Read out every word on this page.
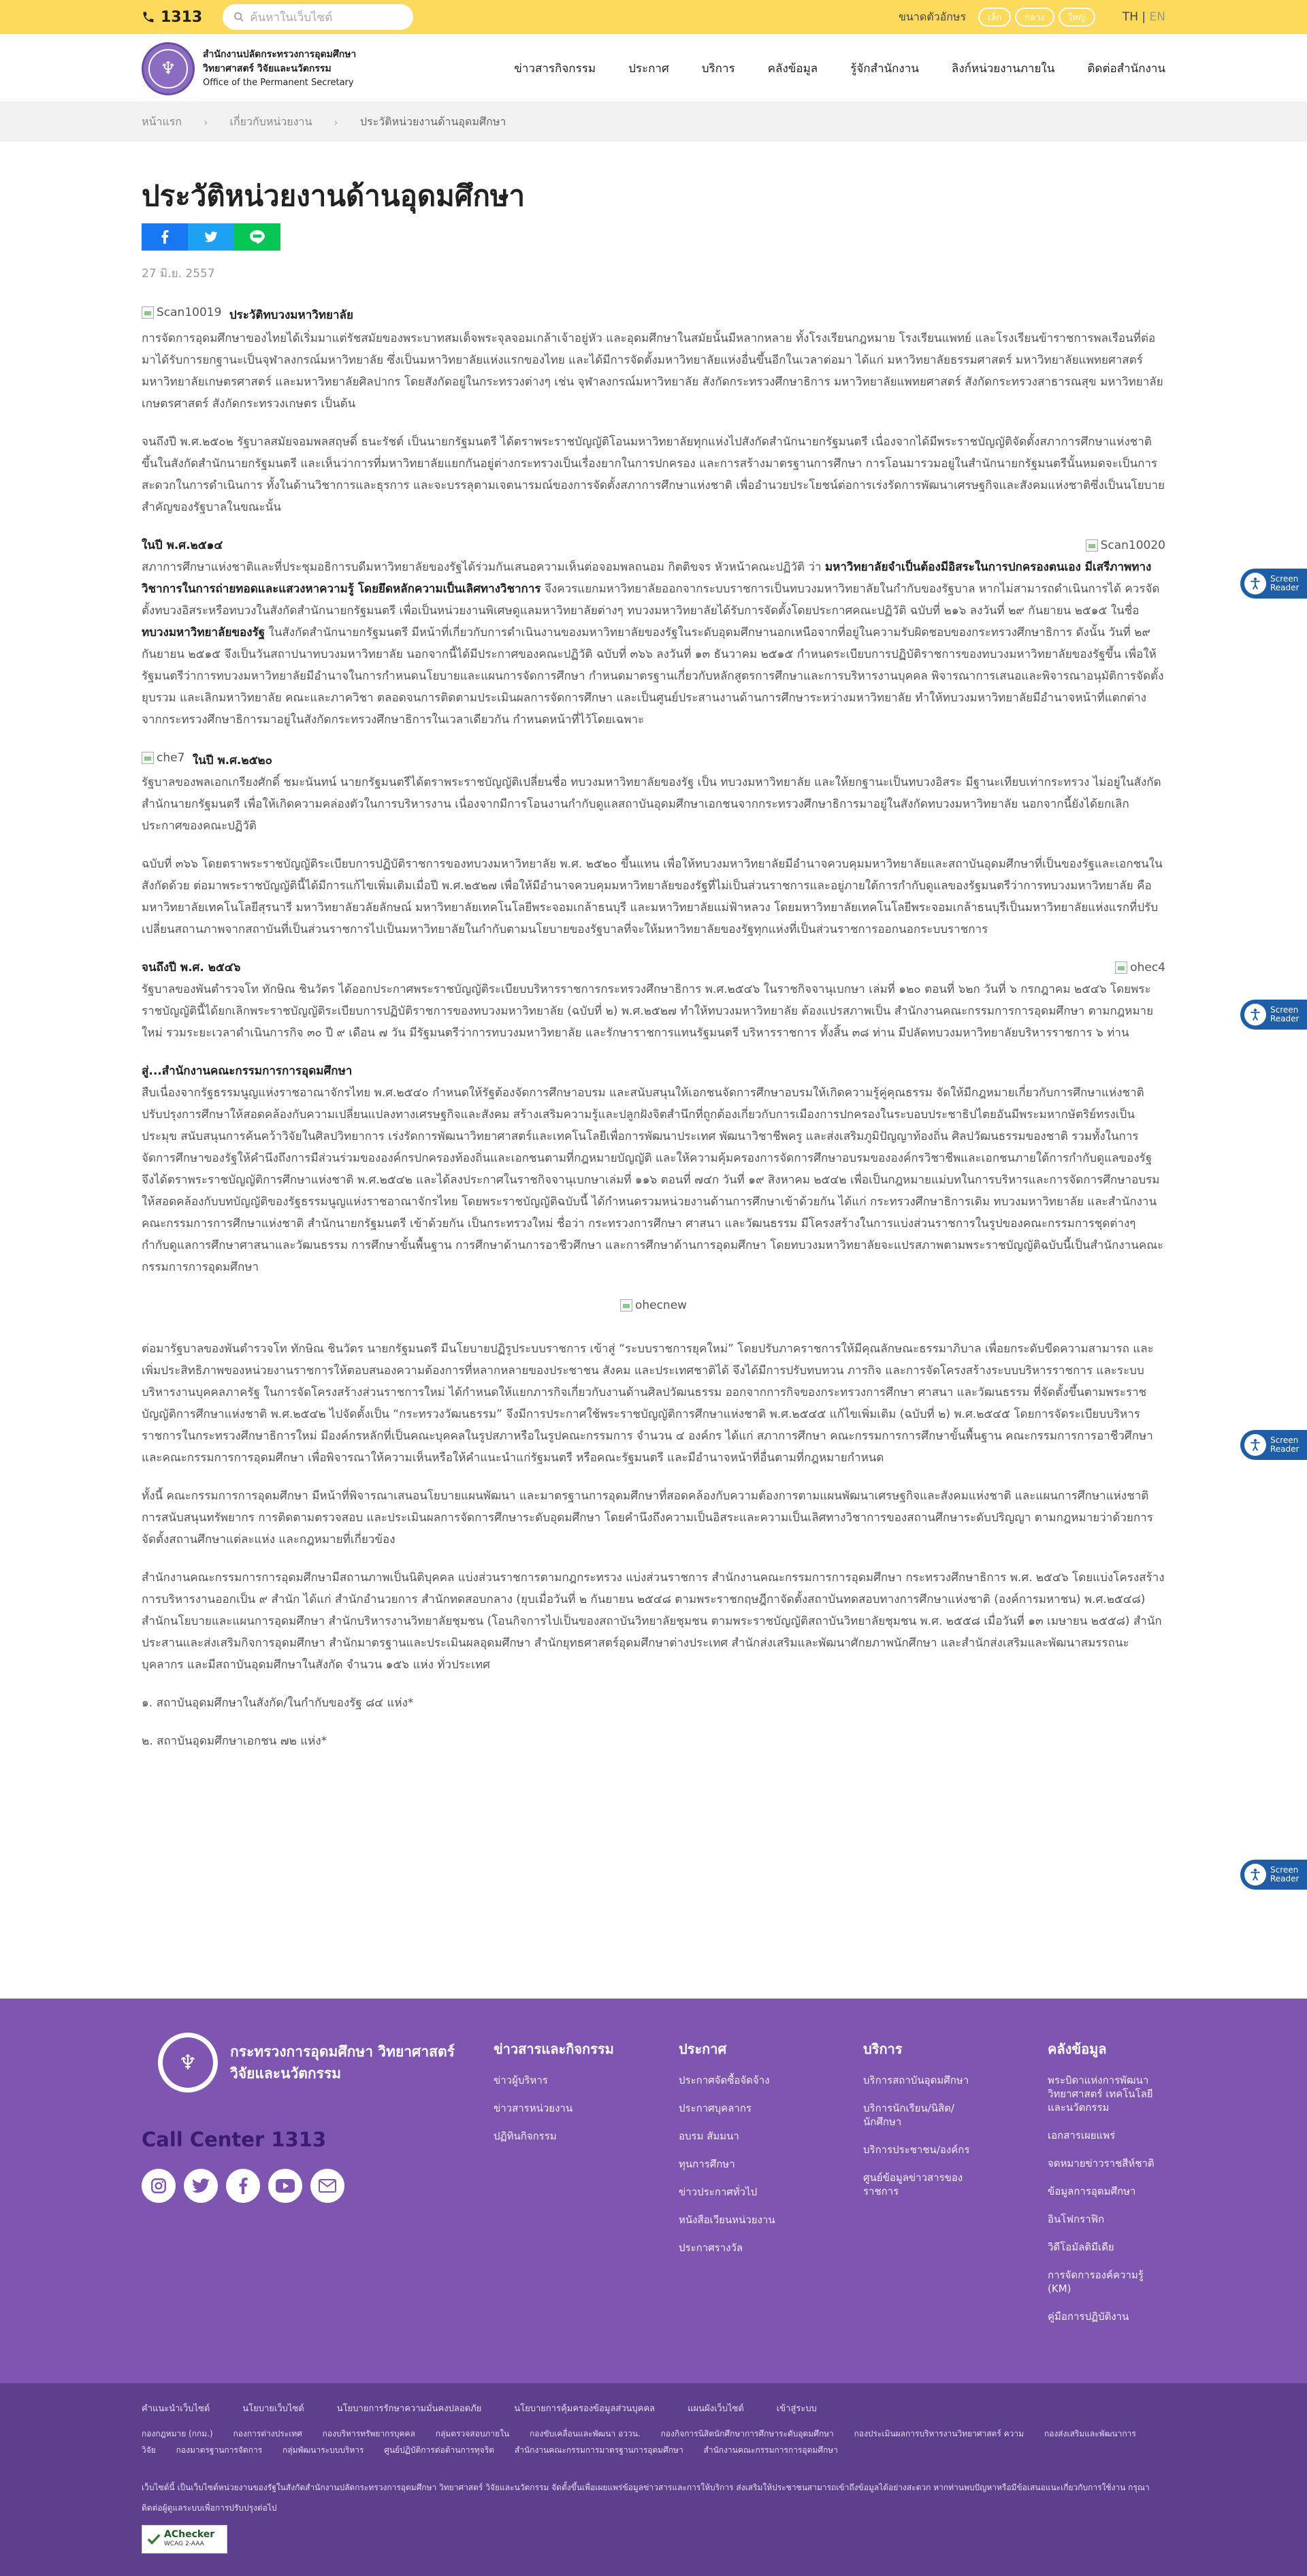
1313	ค้นหาในเว็บไซต์	ขนาดตัวอักษร	เล็ก	กลาง	ใหญ่	TH | EN
♆
สำนักงานปลัดกระทรวงการอุดมศึกษา
วิทยาศาสตร์ วิจัยและนวัตกรรม
Office of the Permanent Secretary
ข่าวสารกิจกรรม	ประกาศ	บริการ	คลังข้อมูล	รู้จักสำนักงาน	ลิงก์หน่วยงานภายใน	ติดต่อสำนักงาน
หน้าแรก › เกี่ยวกับหน่วยงาน › ประวัติหน่วยงานด้านอุดมศึกษา
ประวัติหน่วยงานด้านอุดมศึกษา
27 มิ.ย. 2557
Scan10019 ประวัติทบวงมหาวิทยาลัย

การจัดการอุดมศึกษาของไทยได้เริ่มมาแต่รัชสมัยของพระบาทสมเด็จพระจุลจอมเกล้าเจ้าอยู่หัว และอุดมศึกษาในสมัยนั้นมีหลากหลาย ทั้งโรงเรียนกฎหมาย โรงเรียนแพทย์ และโรงเรียนข้าราชการพลเรือนที่ต่อมาได้รับการยกฐานะเป็นจุฬาลงกรณ์มหาวิทยาลัย ซึ่งเป็นมหาวิทยาลัยแห่งแรกของไทย และได้มีการจัดตั้งมหาวิทยาลัยแห่งอื่นขึ้นอีกในเวลาต่อมา ได้แก่ มหาวิทยาลัยธรรมศาสตร์ มหาวิทยาลัยแพทยศาสตร์ มหาวิทยาลัยเกษตรศาสตร์ และมหาวิทยาลัยศิลปากร โดยสังกัดอยู่ในกระทรวงต่างๆ เช่น จุฬาลงกรณ์มหาวิทยาลัย สังกัดกระทรวงศึกษาธิการ มหาวิทยาลัยแพทยศาสตร์ สังกัดกระทรวงสาธารณสุข มหาวิทยาลัยเกษตรศาสตร์ สังกัดกระทรวงเกษตร เป็นต้น

จนถึงปี พ.ศ.๒๕๐๒ รัฐบาลสมัยจอมพลสฤษดิ์ ธนะรัชต์ เป็นนายกรัฐมนตรี ได้ตราพระราชบัญญัติโอนมหาวิทยาลัยทุกแห่งไปสังกัดสำนักนายกรัฐมนตรี เนื่องจากได้มีพระราชบัญญัติจัดตั้งสภาการศึกษาแห่งชาติขึ้นในสังกัดสำนักนายกรัฐมนตรี และเห็นว่าการที่มหาวิทยาลัยแยกกันอยู่ต่างกระทรวงเป็นเรื่องยากในการปกครอง และการสร้างมาตรฐานการศึกษา การโอนมารวมอยู่ในสำนักนายกรัฐมนตรีนั้นหมดจะเป็นการสะดวกในการดำเนินการ ทั้งในด้านวิชาการและธุรการ และจะบรรลุตามเจตนารมณ์ของการจัดตั้งสภาการศึกษาแห่งชาติ เพื่ออำนวยประโยชน์ต่อการเร่งรัดการพัฒนาเศรษฐกิจและสังคมแห่งชาติซึ่งเป็นนโยบายสำคัญของรัฐบาลในขณะนั้น

Scan10020
ในปี พ.ศ.๒๕๑๔

สภาการศึกษาแห่งชาติและที่ประชุมอธิการบดีมหาวิทยาลัยของรัฐได้ร่วมกันเสนอความเห็นต่อจอมพลถนอม กิตติขจร หัวหน้าคณะปฏิวัติ ว่า มหาวิทยาลัยจำเป็นต้องมีอิสระในการปกครองตนเอง มีเสรีภาพทางวิชาการในการถ่ายทอดและแสวงหาความรู้ โดยยึดหลักความเป็นเลิศทางวิชาการ จึงควรแยกมหาวิทยาลัยออกจากระบบราชการเป็นทบวงมหาวิทยาลัยในกำกับของรัฐบาล หากไม่สามารถดำเนินการได้ ควรจัดตั้งทบวงอิสระหรือทบวงในสังกัดสำนักนายกรัฐมนตรี เพื่อเป็นหน่วยงานพิเศษดูแลมหาวิทยาลัยต่างๆ ทบวงมหาวิทยาลัยได้รับการจัดตั้งโดยประกาศคณะปฏิวัติ ฉบับที่ ๒๑๖ ลงวันที่ ๒๙ กันยายน ๒๕๑๕ ในชื่อ ทบวงมหาวิทยาลัยของรัฐ ในสังกัดสำนักนายกรัฐมนตรี มีหน้าที่เกี่ยวกับการดำเนินงานของมหาวิทยาลัยของรัฐในระดับอุดมศึกษานอกเหนือจากที่อยู่ในความรับผิดชอบของกระทรวงศึกษาธิการ ดังนั้น วันที่ ๒๙ กันยายน ๒๕๑๕ จึงเป็นวันสถาปนาทบวงมหาวิทยาลัย นอกจากนี้ได้มีประกาศของคณะปฏิวัติ ฉบับที่ ๓๖๖ ลงวันที่ ๑๓ ธันวาคม ๒๕๑๕ กำหนดระเบียบการปฏิบัติราชการของทบวงมหาวิทยาลัยของรัฐขึ้น เพื่อให้รัฐมนตรีว่าการทบวงมหาวิทยาลัยมีอำนาจในการกำหนดนโยบายและแผนการจัดการศึกษา กำหนดมาตรฐานเกี่ยวกับหลักสูตรการศึกษาและการบริหารงานบุคคล พิจารณาการเสนอและพิจารณาอนุมัติการจัดตั้ง ยุบรวม และเลิกมหาวิทยาลัย คณะและภาควิชา ตลอดจนการติดตามประเมินผลการจัดการศึกษา และเป็นศูนย์ประสานงานด้านการศึกษาระหว่างมหาวิทยาลัย ทำให้ทบวงมหาวิทยาลัยมีอำนาจหน้าที่แตกต่างจากกระทรวงศึกษาธิการมาอยู่ในสังกัดกระทรวงศึกษาธิการในเวลาเดียวกัน กำหนดหน้าที่ไว้โดยเฉพาะ

che7 ในปี พ.ศ.๒๕๒๐

รัฐบาลของพลเอกเกรียงศักดิ์ ชมะนันทน์ นายกรัฐมนตรีได้ตราพระราชบัญญัติเปลี่ยนชื่อ ทบวงมหาวิทยาลัยของรัฐ เป็น ทบวงมหาวิทยาลัย และให้ยกฐานะเป็นทบวงอิสระ มีฐานะเทียบเท่ากระทรวง ไม่อยู่ในสังกัดสำนักนายกรัฐมนตรี เพื่อให้เกิดความคล่องตัวในการบริหารงาน เนื่องจากมีการโอนงานกำกับดูแลสถาบันอุดมศึกษาเอกชนจากกระทรวงศึกษาธิการมาอยู่ในสังกัดทบวงมหาวิทยาลัย นอกจากนี้ยังได้ยกเลิกประกาศของคณะปฏิวัติ

ฉบับที่ ๓๖๖ โดยตราพระราชบัญญัติระเบียบการปฏิบัติราชการของทบวงมหาวิทยาลัย พ.ศ. ๒๕๒๐ ขึ้นแทน เพื่อให้ทบวงมหาวิทยาลัยมีอำนาจควบคุมมหาวิทยาลัยและสถาบันอุดมศึกษาที่เป็นของรัฐและเอกชนในสังกัดด้วย ต่อมาพระราชบัญญัตินี้ได้มีการแก้ไขเพิ่มเติมเมื่อปี พ.ศ.๒๕๒๗ เพื่อให้มีอำนาจควบคุมมหาวิทยาลัยของรัฐที่ไม่เป็นส่วนราชการและอยู่ภายใต้การกำกับดูแลของรัฐมนตรีว่าการทบวงมหาวิทยาลัย คือ มหาวิทยาลัยเทคโนโลยีสุรนารี มหาวิทยาลัยวลัยลักษณ์ มหาวิทยาลัยเทคโนโลยีพระจอมเกล้าธนบุรี และมหาวิทยาลัยแม่ฟ้าหลวง โดยมหาวิทยาลัยเทคโนโลยีพระจอมเกล้าธนบุรีเป็นมหาวิทยาลัยแห่งแรกที่ปรับเปลี่ยนสถานภาพจากสถาบันที่เป็นส่วนราชการไปเป็นมหาวิทยาลัยในกำกับตามนโยบายของรัฐบาลที่จะให้มหาวิทยาลัยของรัฐทุกแห่งที่เป็นส่วนราชการออกนอกระบบราชการ

ohec4
จนถึงปี พ.ศ. ๒๕๔๖

รัฐบาลของพันตำรวจโท ทักษิณ ชินวัตร ได้ออกประกาศพระราชบัญญัติระเบียบบริหารราชการกระทรวงศึกษาธิการ พ.ศ.๒๕๔๖ ในราชกิจจานุเบกษา เล่มที่ ๑๒๐ ตอนที่ ๖๒ก วันที่ ๖ กรกฎาคม ๒๕๔๖ โดยพระราชบัญญัตินี้ได้ยกเลิกพระราชบัญญัติระเบียบการปฏิบัติราชการของทบวงมหาวิทยาลัย (ฉบับที่ ๒) พ.ศ.๒๕๒๗ ทำให้ทบวงมหาวิทยาลัย ต้องแปรสภาพเป็น สำนักงานคณะกรรมการการอุดมศึกษา ตามกฎหมายใหม่ รวมระยะเวลาดำเนินการกิจ ๓๐ ปี ๙ เดือน ๗ วัน มีรัฐมนตรีว่าการทบวงมหาวิทยาลัย และรักษาราชการแทนรัฐมนตรี บริหารราชการ ทั้งสิ้น ๓๘ ท่าน มีปลัดทบวงมหาวิทยาลัยบริหารราชการ ๖ ท่าน

สู่...สำนักงานคณะกรรมการการอุดมศึกษา

สืบเนื่องจากรัฐธรรมนูญแห่งราชอาณาจักรไทย พ.ศ.๒๕๔๐ กำหนดให้รัฐต้องจัดการศึกษาอบรม และสนับสนุนให้เอกชนจัดการศึกษาอบรมให้เกิดความรู้คู่คุณธรรม จัดให้มีกฎหมายเกี่ยวกับการศึกษาแห่งชาติ ปรับปรุงการศึกษาให้สอดคล้องกับความเปลี่ยนแปลงทางเศรษฐกิจและสังคม สร้างเสริมความรู้และปลูกฝังจิตสำนึกที่ถูกต้องเกี่ยวกับการเมืองการปกครองในระบอบประชาธิปไตยอันมีพระมหากษัตริย์ทรงเป็นประมุข สนับสนุนการค้นคว้าวิจัยในศิลปวิทยาการ เร่งรัดการพัฒนาวิทยาศาสตร์และเทคโนโลยีเพื่อการพัฒนาประเทศ พัฒนาวิชาชีพครู และส่งเสริมภูมิปัญญาท้องถิ่น ศิลปวัฒนธรรมของชาติ รวมทั้งในการจัดการศึกษาของรัฐให้คำนึงถึงการมีส่วนร่วมขององค์กรปกครองท้องถิ่นและเอกชนตามที่กฎหมายบัญญัติ และให้ความคุ้มครองการจัดการศึกษาอบรมขององค์กรวิชาชีพและเอกชนภายใต้การกำกับดูแลของรัฐ จึงได้ตราพระราชบัญญัติการศึกษาแห่งชาติ พ.ศ.๒๕๔๒ และได้ลงประกาศในราชกิจจานุเบกษาเล่มที่ ๑๑๖ ตอนที่ ๗๔ก วันที่ ๑๙ สิงหาคม ๒๕๔๒ เพื่อเป็นกฎหมายแม่บทในการบริหารและการจัดการศึกษาอบรมให้สอดคล้องกับบทบัญญัติของรัฐธรรมนูญแห่งราชอาณาจักรไทย โดยพระราชบัญญัติฉบับนี้ ได้กำหนดรวมหน่วยงานด้านการศึกษาเข้าด้วยกัน ได้แก่ กระทรวงศึกษาธิการเดิม ทบวงมหาวิทยาลัย และสำนักงานคณะกรรมการการศึกษาแห่งชาติ สำนักนายกรัฐมนตรี เข้าด้วยกัน เป็นกระทรวงใหม่ ชื่อว่า กระทรวงการศึกษา ศาสนา และวัฒนธรรม มีโครงสร้างในการแบ่งส่วนราชการในรูปของคณะกรรมการชุดต่างๆ กำกับดูแลการศึกษาศาสนาและวัฒนธรรม การศึกษาขั้นพื้นฐาน การศึกษาด้านการอาชีวศึกษา และการศึกษาด้านการอุดมศึกษา โดยทบวงมหาวิทยาลัยจะแปรสภาพตามพระราชบัญญัติฉบับนี้เป็นสำนักงานคณะกรรมการการอุดมศึกษา

ohecnew

ต่อมารัฐบาลของพันตำรวจโท ทักษิณ ชินวัตร นายกรัฐมนตรี มีนโยบายปฏิรูประบบราชการ เข้าสู่ “ระบบราชการยุคใหม่” โดยปรับภาคราชการให้มีคุณลักษณะธรรมาภิบาล เพื่อยกระดับขีดความสามารถ และเพิ่มประสิทธิภาพของหน่วยงานราชการให้ตอบสนองความต้องการที่หลากหลายของประชาชน สังคม และประเทศชาติได้ จึงได้มีการปรับทบทวน ภารกิจ และการจัดโครงสร้างระบบบริหารราชการ และระบบบริหารงานบุคคลภาครัฐ ในการจัดโครงสร้างส่วนราชการใหม่ ได้กำหนดให้แยกภารกิจเกี่ยวกับงานด้านศิลปวัฒนธรรม ออกจากการกิจของกระทรวงการศึกษา ศาสนา และวัฒนธรรม ที่จัดตั้งขึ้นตามพระราชบัญญัติการศึกษาแห่งชาติ พ.ศ.๒๕๔๒ ไปจัดตั้งเป็น “กระทรวงวัฒนธรรม” จึงมีการประกาศใช้พระราชบัญญัติการศึกษาแห่งชาติ พ.ศ.๒๕๔๕ แก้ไขเพิ่มเติม (ฉบับที่ ๒) พ.ศ.๒๕๔๕ โดยการจัดระเบียบบริหารราชการในกระทรวงศึกษาธิการใหม่ มีองค์กรหลักที่เป็นคณะบุคคลในรูปสภาหรือในรูปคณะกรรมการ จำนวน ๔ องค์กร ได้แก่ สภาการศึกษา คณะกรรมการการศึกษาขั้นพื้นฐาน คณะกรรมการการอาชีวศึกษา และคณะกรรมการการอุดมศึกษา เพื่อพิจารณาให้ความเห็นหรือให้คำแนะนำแก่รัฐมนตรี หรือคณะรัฐมนตรี และมีอำนาจหน้าที่อื่นตามที่กฎหมายกำหนด

ทั้งนี้ คณะกรรมการการอุดมศึกษา มีหน้าที่พิจารณาเสนอนโยบายแผนพัฒนา และมาตรฐานการอุดมศึกษาที่สอดคล้องกับความต้องการตามแผนพัฒนาเศรษฐกิจและสังคมแห่งชาติ และแผนการศึกษาแห่งชาติ การสนับสนุนทรัพยากร การติดตามตรวจสอบ และประเมินผลการจัดการศึกษาระดับอุดมศึกษา โดยคำนึงถึงความเป็นอิสระและความเป็นเลิศทางวิชาการของสถานศึกษาระดับปริญญา ตามกฎหมายว่าด้วยการจัดตั้งสถานศึกษาแต่ละแห่ง และกฎหมายที่เกี่ยวข้อง

สำนักงานคณะกรรมการการอุดมศึกษามีสถานภาพเป็นนิติบุคคล แบ่งส่วนราชการตามกฎกระทรวง แบ่งส่วนราชการ สำนักงานคณะกรรมการการอุดมศึกษา กระทรวงศึกษาธิการ พ.ศ. ๒๕๔๖ โดยแบ่งโครงสร้างการบริหารงานออกเป็น ๙ สำนัก ได้แก่ สำนักอำนวยการ สำนักทดสอบกลาง (ยุบเมื่อวันที่ ๒ กันยายน ๒๕๔๘ ตามพระราชกฤษฎีกาจัดตั้งสถาบันทดสอบทางการศึกษาแห่งชาติ (องค์การมหาชน) พ.ศ.๒๕๔๘) สำนักนโยบายและแผนการอุดมศึกษา สำนักบริหารงานวิทยาลัยชุมชน (โอนกิจการไปเป็นของสถาบันวิทยาลัยชุมชน ตามพระราชบัญญัติสถาบันวิทยาลัยชุมชน พ.ศ. ๒๕๕๘ เมื่อวันที่ ๑๓ เมษายน ๒๕๕๘) สำนักประสานและส่งเสริมกิจการอุดมศึกษา สำนักมาตรฐานและประเมินผลอุดมศึกษา สำนักยุทธศาสตร์อุดมศึกษาต่างประเทศ สำนักส่งเสริมและพัฒนาศักยภาพนักศึกษา และสำนักส่งเสริมและพัฒนาสมรรถนะบุคลากร และมีสถาบันอุดมศึกษาในสังกัด จำนวน ๑๕๖ แห่ง ทั่วประเทศ

๑. สถาบันอุดมศึกษาในสังกัด/ในกำกับของรัฐ ๘๔ แห่ง*

๒. สถาบันอุดมศึกษาเอกชน ๗๒ แห่ง*

Screen
Reader
Screen
Reader
Screen
Reader
Screen
Reader
♆	กระทรวงการอุดมศึกษา วิทยาศาสตร์
วิจัยและนวัตกรรม
Call Center 1313
ข่าวสารและกิจกรรม
ข่าวผู้บริหาร
ข่าวสารหน่วยงาน
ปฏิทินกิจกรรม
ประกาศ
ประกาศจัดซื้อจัดจ้าง
ประกาศบุคลากร
อบรม สัมมนา
ทุนการศึกษา
ข่าวประกาศทั่วไป
หนังสือเวียนหน่วยงาน
ประกาศรางวัล
บริการ
บริการสถาบันอุดมศึกษา
บริการนักเรียน/นิสิต/นักศึกษา
บริการประชาชน/องค์กร
ศูนย์ข้อมูลข่าวสารของราชการ
คลังข้อมูล
พระบิดาแห่งการพัฒนาวิทยาศาสตร์ เทคโนโลยี และนวัตกรรม
เอกสารเผยแพร่
จดหมายข่าวราชสีห์ชาติ
ข้อมูลการอุดมศึกษา
อินโฟกราฟิก
วิดีโอมัลติมีเดีย
การจัดการองค์ความรู้ (KM)
คู่มือการปฏิบัติงาน
คำแนะนำเว็บไซต์	นโยบายเว็บไซต์	นโยบายการรักษาความมั่นคงปลอดภัย	นโยบายการคุ้มครองข้อมูลส่วนบุคคล	แผนผังเว็บไซต์	เข้าสู่ระบบ
กองกฎหมาย (กกม.) กองการต่างประเทศ กองบริหารทรัพยากรบุคคล กลุ่มตรวจสอบภายใน กองขับเคลื่อนและพัฒนา อววน. กองกิจการนิสิตนักศึกษาการศึกษาระดับอุดมศึกษา กองประเมินผลการบริหารงานวิทยาศาสตร์ ความ กองส่งเสริมและพัฒนาการวิจัย กองมาตรฐานการจัดการ กลุ่มพัฒนาระบบบริหาร ศูนย์ปฏิบัติการต่อต้านการทุจริต สำนักงานคณะกรรมการมาตรฐานการอุดมศึกษา สำนักงานคณะกรรมการการอุดมศึกษา
เว็บไซต์นี้ เป็นเว็บไซต์หน่วยงานของรัฐในสังกัดสำนักงานปลัดกระทรวงการอุดมศึกษา วิทยาศาสตร์ วิจัยและนวัตกรรม จัดตั้งขึ้นเพื่อเผยแพร่ข้อมูลข่าวสารและการให้บริการ ส่งเสริมให้ประชาชนสามารถเข้าถึงข้อมูลได้อย่างสะดวก หากท่านพบปัญหาหรือมีข้อเสนอแนะเกี่ยวกับการใช้งาน กรุณาติดต่อผู้ดูแลระบบเพื่อการปรับปรุงต่อไป
AChecker
WCAG 2-AAA
